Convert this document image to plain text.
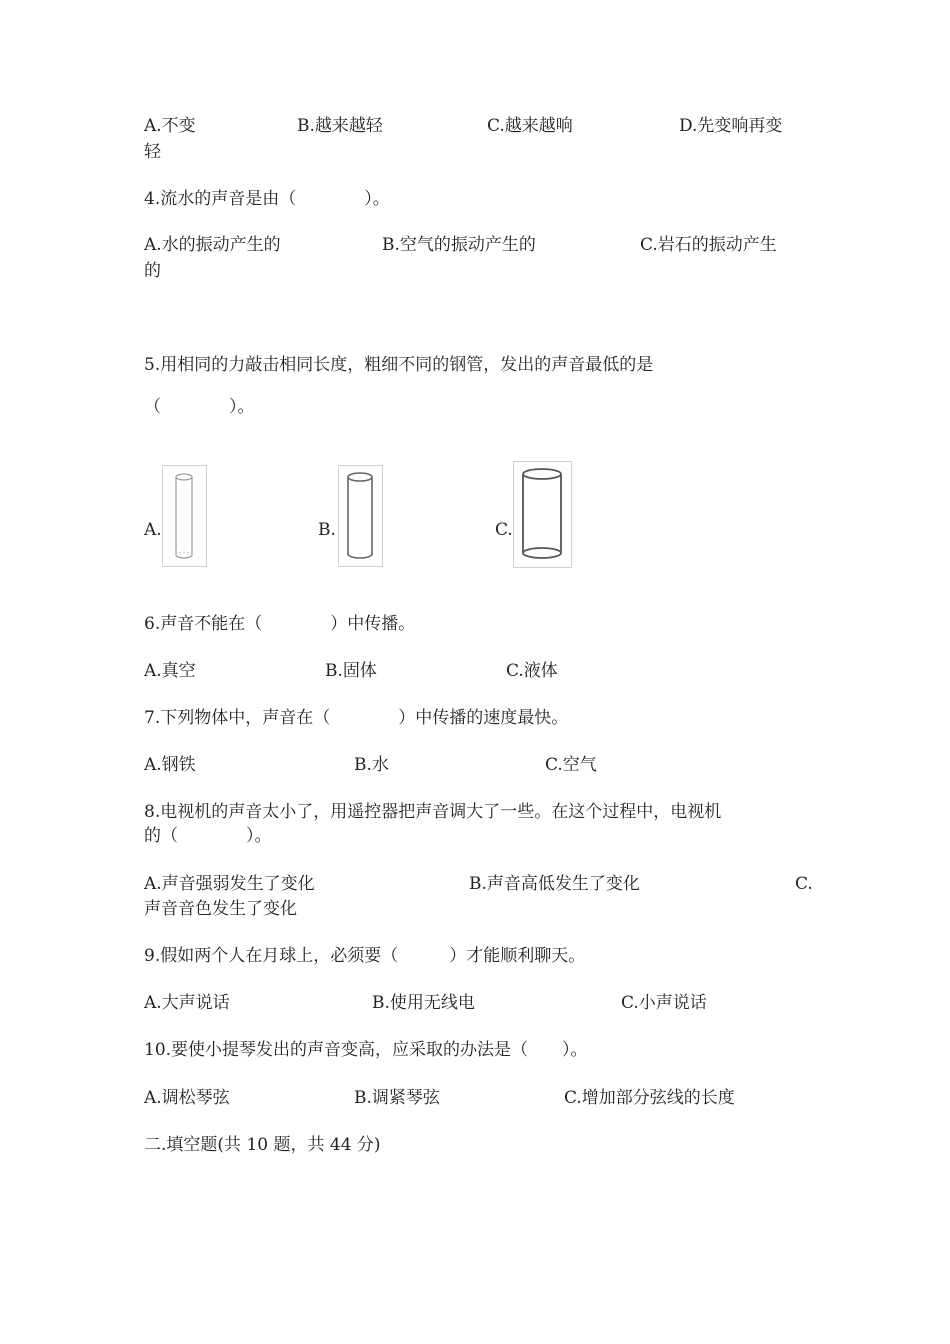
A.不变	B.越来越轻	C.越来越响	D.先变响再变
轻
4.流水的声音是由（　　　　）。
A.水的振动产生的	B.空气的振动产生的	C.岩石的振动产生
的
5.用相同的力敲击相同长度，粗细不同的钢管，发出的声音最低的是
（　　　　）。
A.	B.	C.
6.声音不能在（　　　　）中传播。
A.真空	B.固体	C.液体
7.下列物体中，声音在（　　　　）中传播的速度最快。
A.钢铁	B.水	C.空气
8.电视机的声音太小了，用遥控器把声音调大了一些。在这个过程中，电视机
的（　　　　）。
A.声音强弱发生了变化	B.声音高低发生了变化	C.
声音音色发生了变化
9.假如两个人在月球上，必须要（　　　）才能顺利聊天。
A.大声说话	B.使用无线电	C.小声说话
10.要使小提琴发出的声音变高，应采取的办法是（　　）。
A.调松琴弦	B.调紧琴弦	C.增加部分弦线的长度
二.填空题(共 10 题，共 44 分)
